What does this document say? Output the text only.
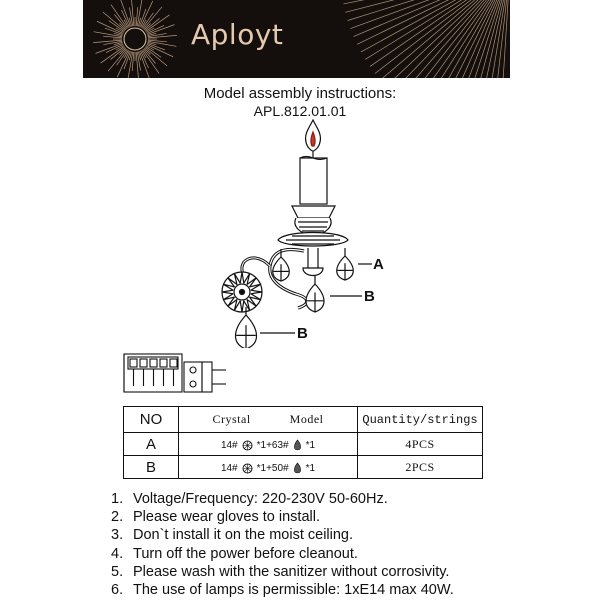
Aployt
Model assembly instructions:
APL.812.01.01
A
B
B
NO	Crystal Model	Quantity/strings
A	14# *1+63# *1	4PCS
B	14# *1+50# *1	2PCS
1. Voltage/Frequency: 220-230V 50-60Hz.
2. Please wear gloves to install.
3. Don`t install it on the moist ceiling.
4. Turn off the power before cleanout.
5. Please wash with the sanitizer without corrosivity.
6. The use of lamps is permissible: 1xE14 max 40W.
